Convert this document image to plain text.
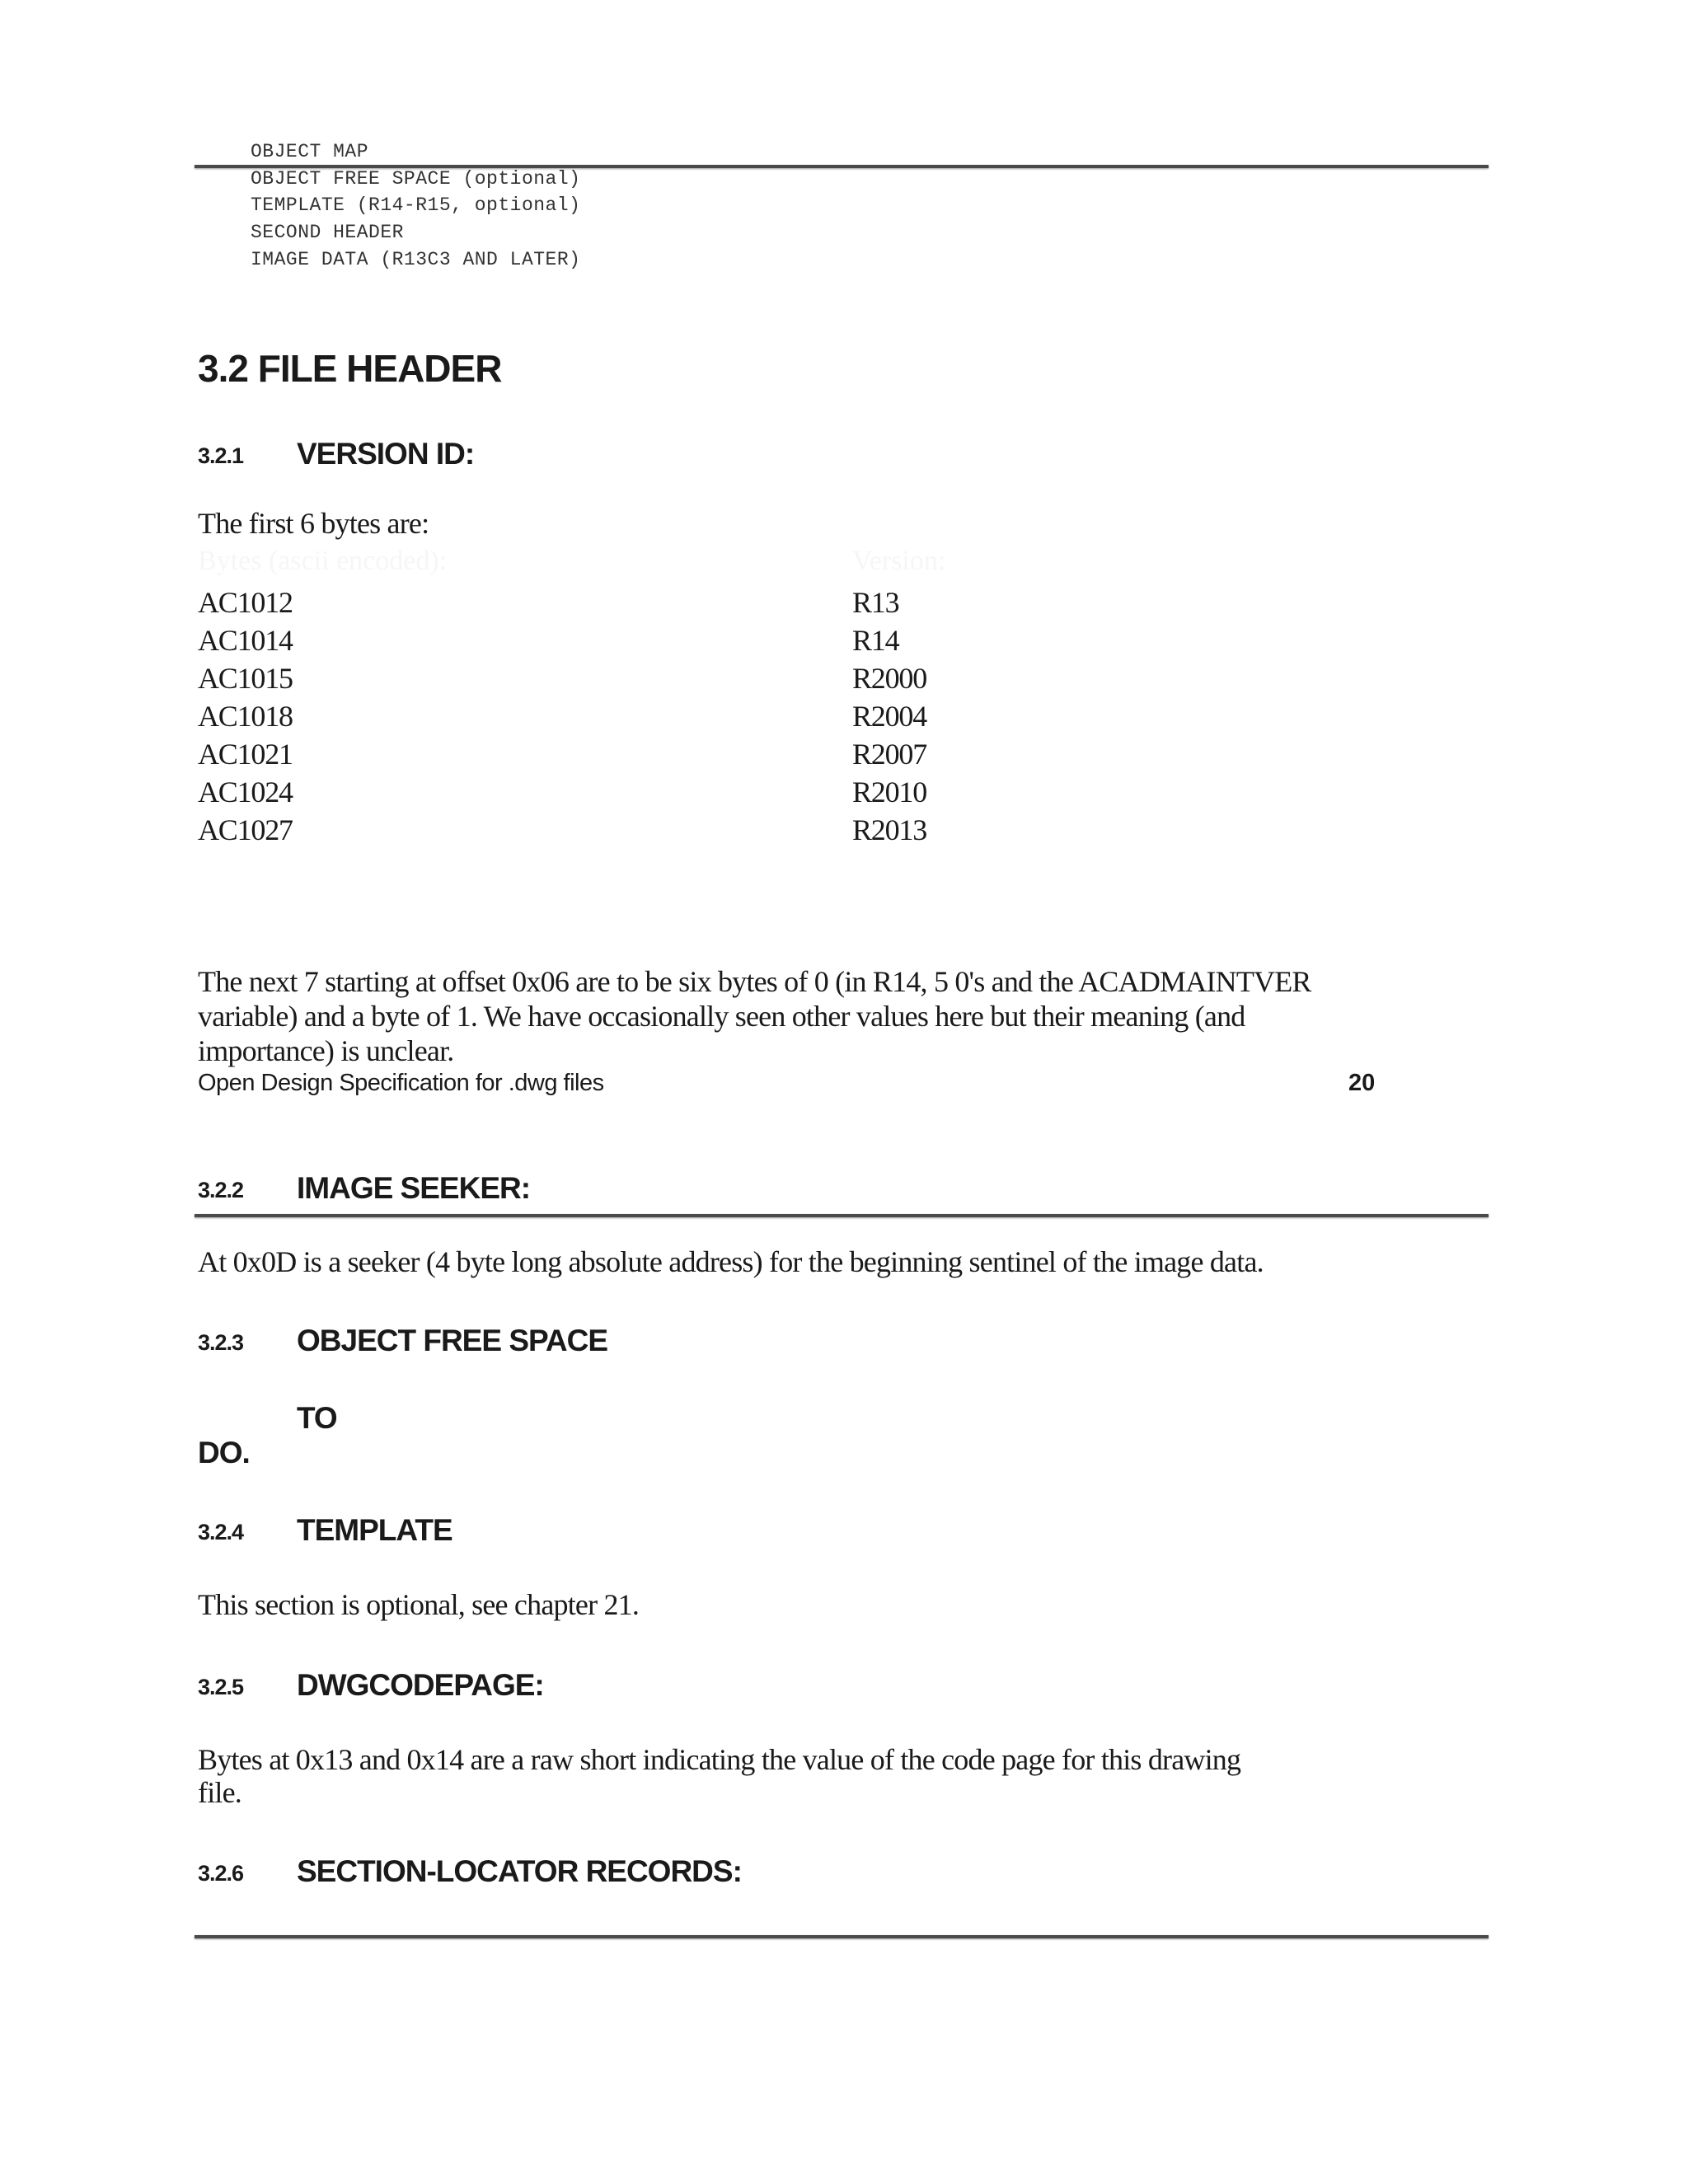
OBJECT MAP
OBJECT FREE SPACE (optional)
TEMPLATE (R14-R15, optional)
SECOND HEADER
IMAGE DATA (R13C3 AND LATER)
3.2 FILE HEADER
3.2.1 VERSION ID:
The first 6 bytes are:
Bytes (ascii encoded):	Version:
AC1012	R13
AC1014	R14
AC1015	R2000
AC1018	R2004
AC1021	R2007
AC1024	R2010
AC1027	R2013
The next 7 starting at offset 0x06 are to be six bytes of 0 (in R14, 5 0's and the ACADMAINTVER
variable) and a byte of 1. We have occasionally seen other values here but their meaning (and
importance) is unclear.
Open Design Specification for .dwg files	20
3.2.2 IMAGE SEEKER:
At 0x0D is a seeker (4 byte long absolute address) for the beginning sentinel of the image data.
3.2.3 OBJECT FREE SPACE
TO
DO.
3.2.4 TEMPLATE
This section is optional, see chapter 21.
3.2.5 DWGCODEPAGE:
Bytes at 0x13 and 0x14 are a raw short indicating the value of the code page for this drawing
file.
3.2.6 SECTION-LOCATOR RECORDS:
